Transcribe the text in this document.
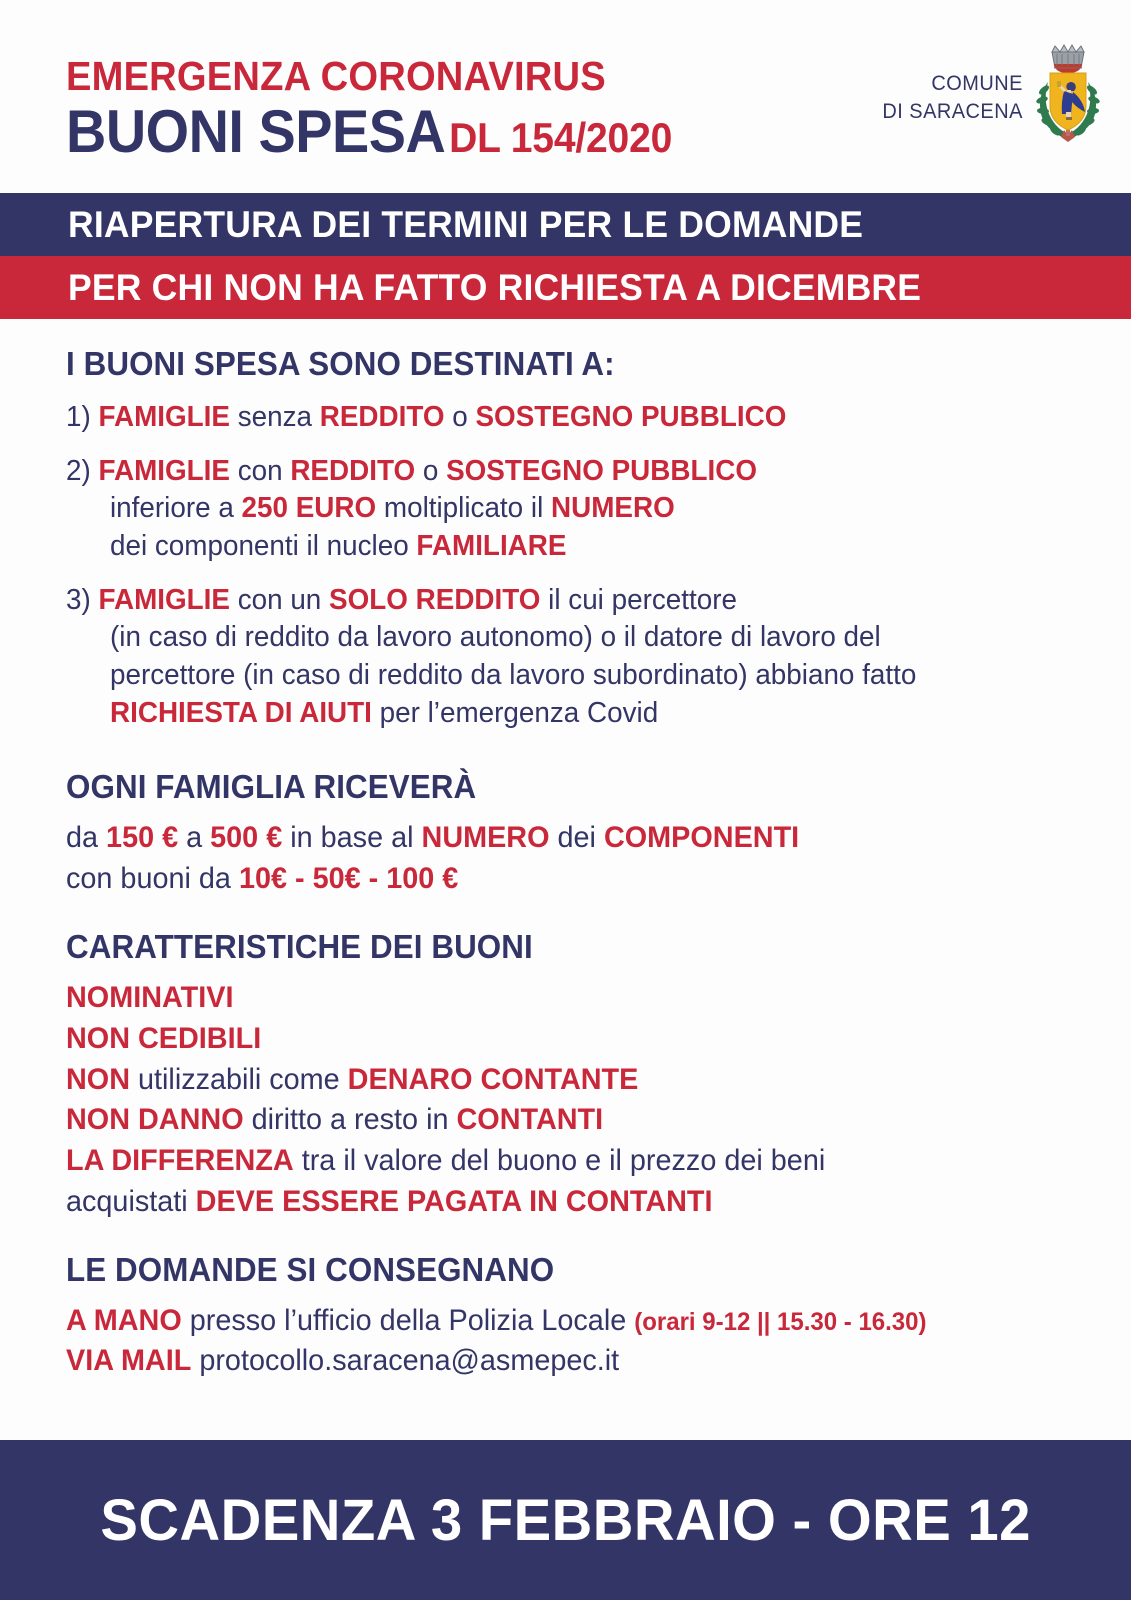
EMERGENZA CORONAVIRUS
BUONI SPESADL 154/2020
COMUNE
DI SARACENA
RIAPERTURA DEI TERMINI PER LE DOMANDE
PER CHI NON HA FATTO RICHIESTA A DICEMBRE
I BUONI SPESA SONO DESTINATI A:
1) FAMIGLIE senza REDDITO o SOSTEGNO PUBBLICO
2) FAMIGLIE con REDDITO o SOSTEGNO PUBBLICO
inferiore a 250 EURO moltiplicato il NUMERO
dei componenti il nucleo FAMILIARE
3) FAMIGLIE con un SOLO REDDITO il cui percettore
(in caso di reddito da lavoro autonomo) o il datore di lavoro del
percettore (in caso di reddito da lavoro subordinato) abbiano fatto
RICHIESTA DI AIUTI per l’emergenza Covid
OGNI FAMIGLIA RICEVERÀ
da 150 € a 500 € in base al NUMERO dei COMPONENTI
con buoni da 10€ - 50€ - 100 €
CARATTERISTICHE DEI BUONI
NOMINATIVI
NON CEDIBILI
NON utilizzabili come DENARO CONTANTE
NON DANNO diritto a resto in CONTANTI
LA DIFFERENZA tra il valore del buono e il prezzo dei beni
acquistati DEVE ESSERE PAGATA IN CONTANTI
LE DOMANDE SI CONSEGNANO
A MANO presso l’ufficio della Polizia Locale (orari 9-12 || 15.30 - 16.30)
VIA MAIL protocollo.saracena@asmepec.it
SCADENZA 3 FEBBRAIO - ORE 12
